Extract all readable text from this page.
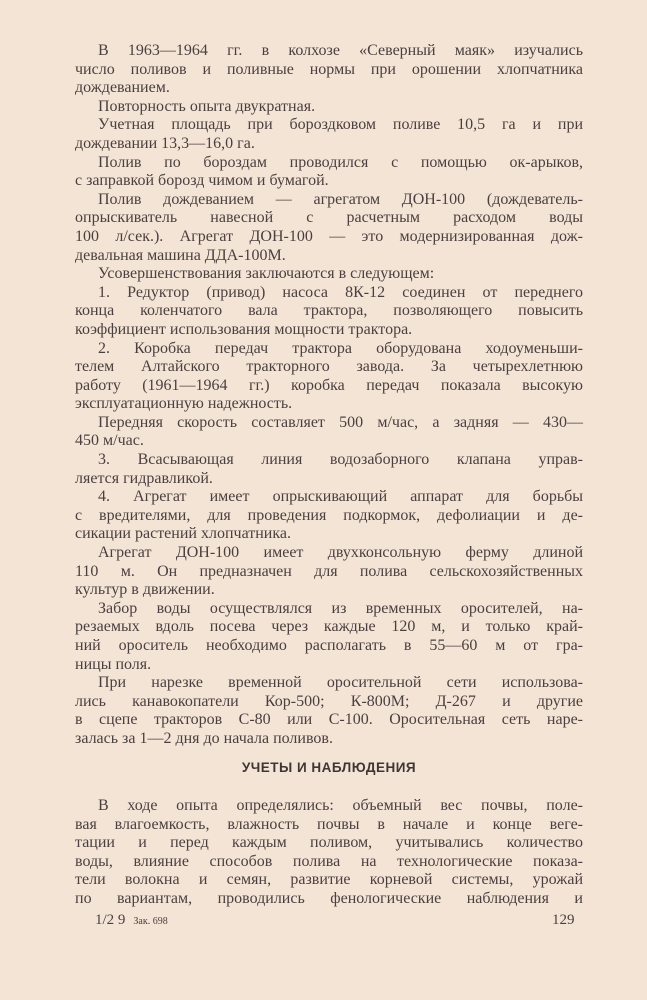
В 1963—1964 гг. в колхозе «Северный маяк» изучались
число поливов и поливные нормы при орошении хлопчатника
дождеванием.
Повторность опыта двукратная.
Учетная площадь при бороздковом поливе 10,5 га и при
дождевании 13,3—16,0 га.
Полив по бороздам проводился с помощью ок-арыков,
с заправкой борозд чимом и бумагой.
Полив дождеванием — агрегатом ДОН-100 (дождеватель-
опрыскиватель навесной с расчетным расходом воды
100 л/сек.). Агрегат ДОН-100 — это модернизированная дож-
девальная машина ДДА-100М.
Усовершенствования заключаются в следующем:
1. Редуктор (привод) насоса 8К-12 соединен от переднего
конца коленчатого вала трактора, позволяющего повысить
коэффициент использования мощности трактора.
2. Коробка передач трактора оборудована ходоуменьши-
телем Алтайского тракторного завода. За четырехлетнюю
работу (1961—1964 гг.) коробка передач показала высокую
эксплуатационную надежность.
Передняя скорость составляет 500 м/час, а задняя — 430—
450 м/час.
3. Всасывающая линия водозаборного клапана управ-
ляется гидравликой.
4. Агрегат имеет опрыскивающий аппарат для борьбы
с вредителями, для проведения подкормок, дефолиации и де-
сикации растений хлопчатника.
Агрегат ДОН-100 имеет двухконсольную ферму длиной
110 м. Он предназначен для полива сельскохозяйственных
культур в движении.
Забор воды осуществлялся из временных оросителей, на-
резаемых вдоль посева через каждые 120 м, и только край-
ний ороситель необходимо располагать в 55—60 м от гра-
ницы поля.
При нарезке временной оросительной сети использова-
лись канавокопатели Кор-500; К-800М; Д-267 и другие
в сцепе тракторов С-80 или С-100. Оросительная сеть наре-
залась за 1—2 дня до начала поливов.
УЧЕТЫ И НАБЛЮДЕНИЯ
В ходе опыта определялись: объемный вес почвы, поле-
вая влагоемкость, влажность почвы в начале и конце веге-
тации и перед каждым поливом, учитывались количество
воды, влияние способов полива на технологические показа-
тели волокна и семян, развитие корневой системы, урожай
по вариантам, проводились фенологические наблюдения и
1/2 9 Зак. 698	129
